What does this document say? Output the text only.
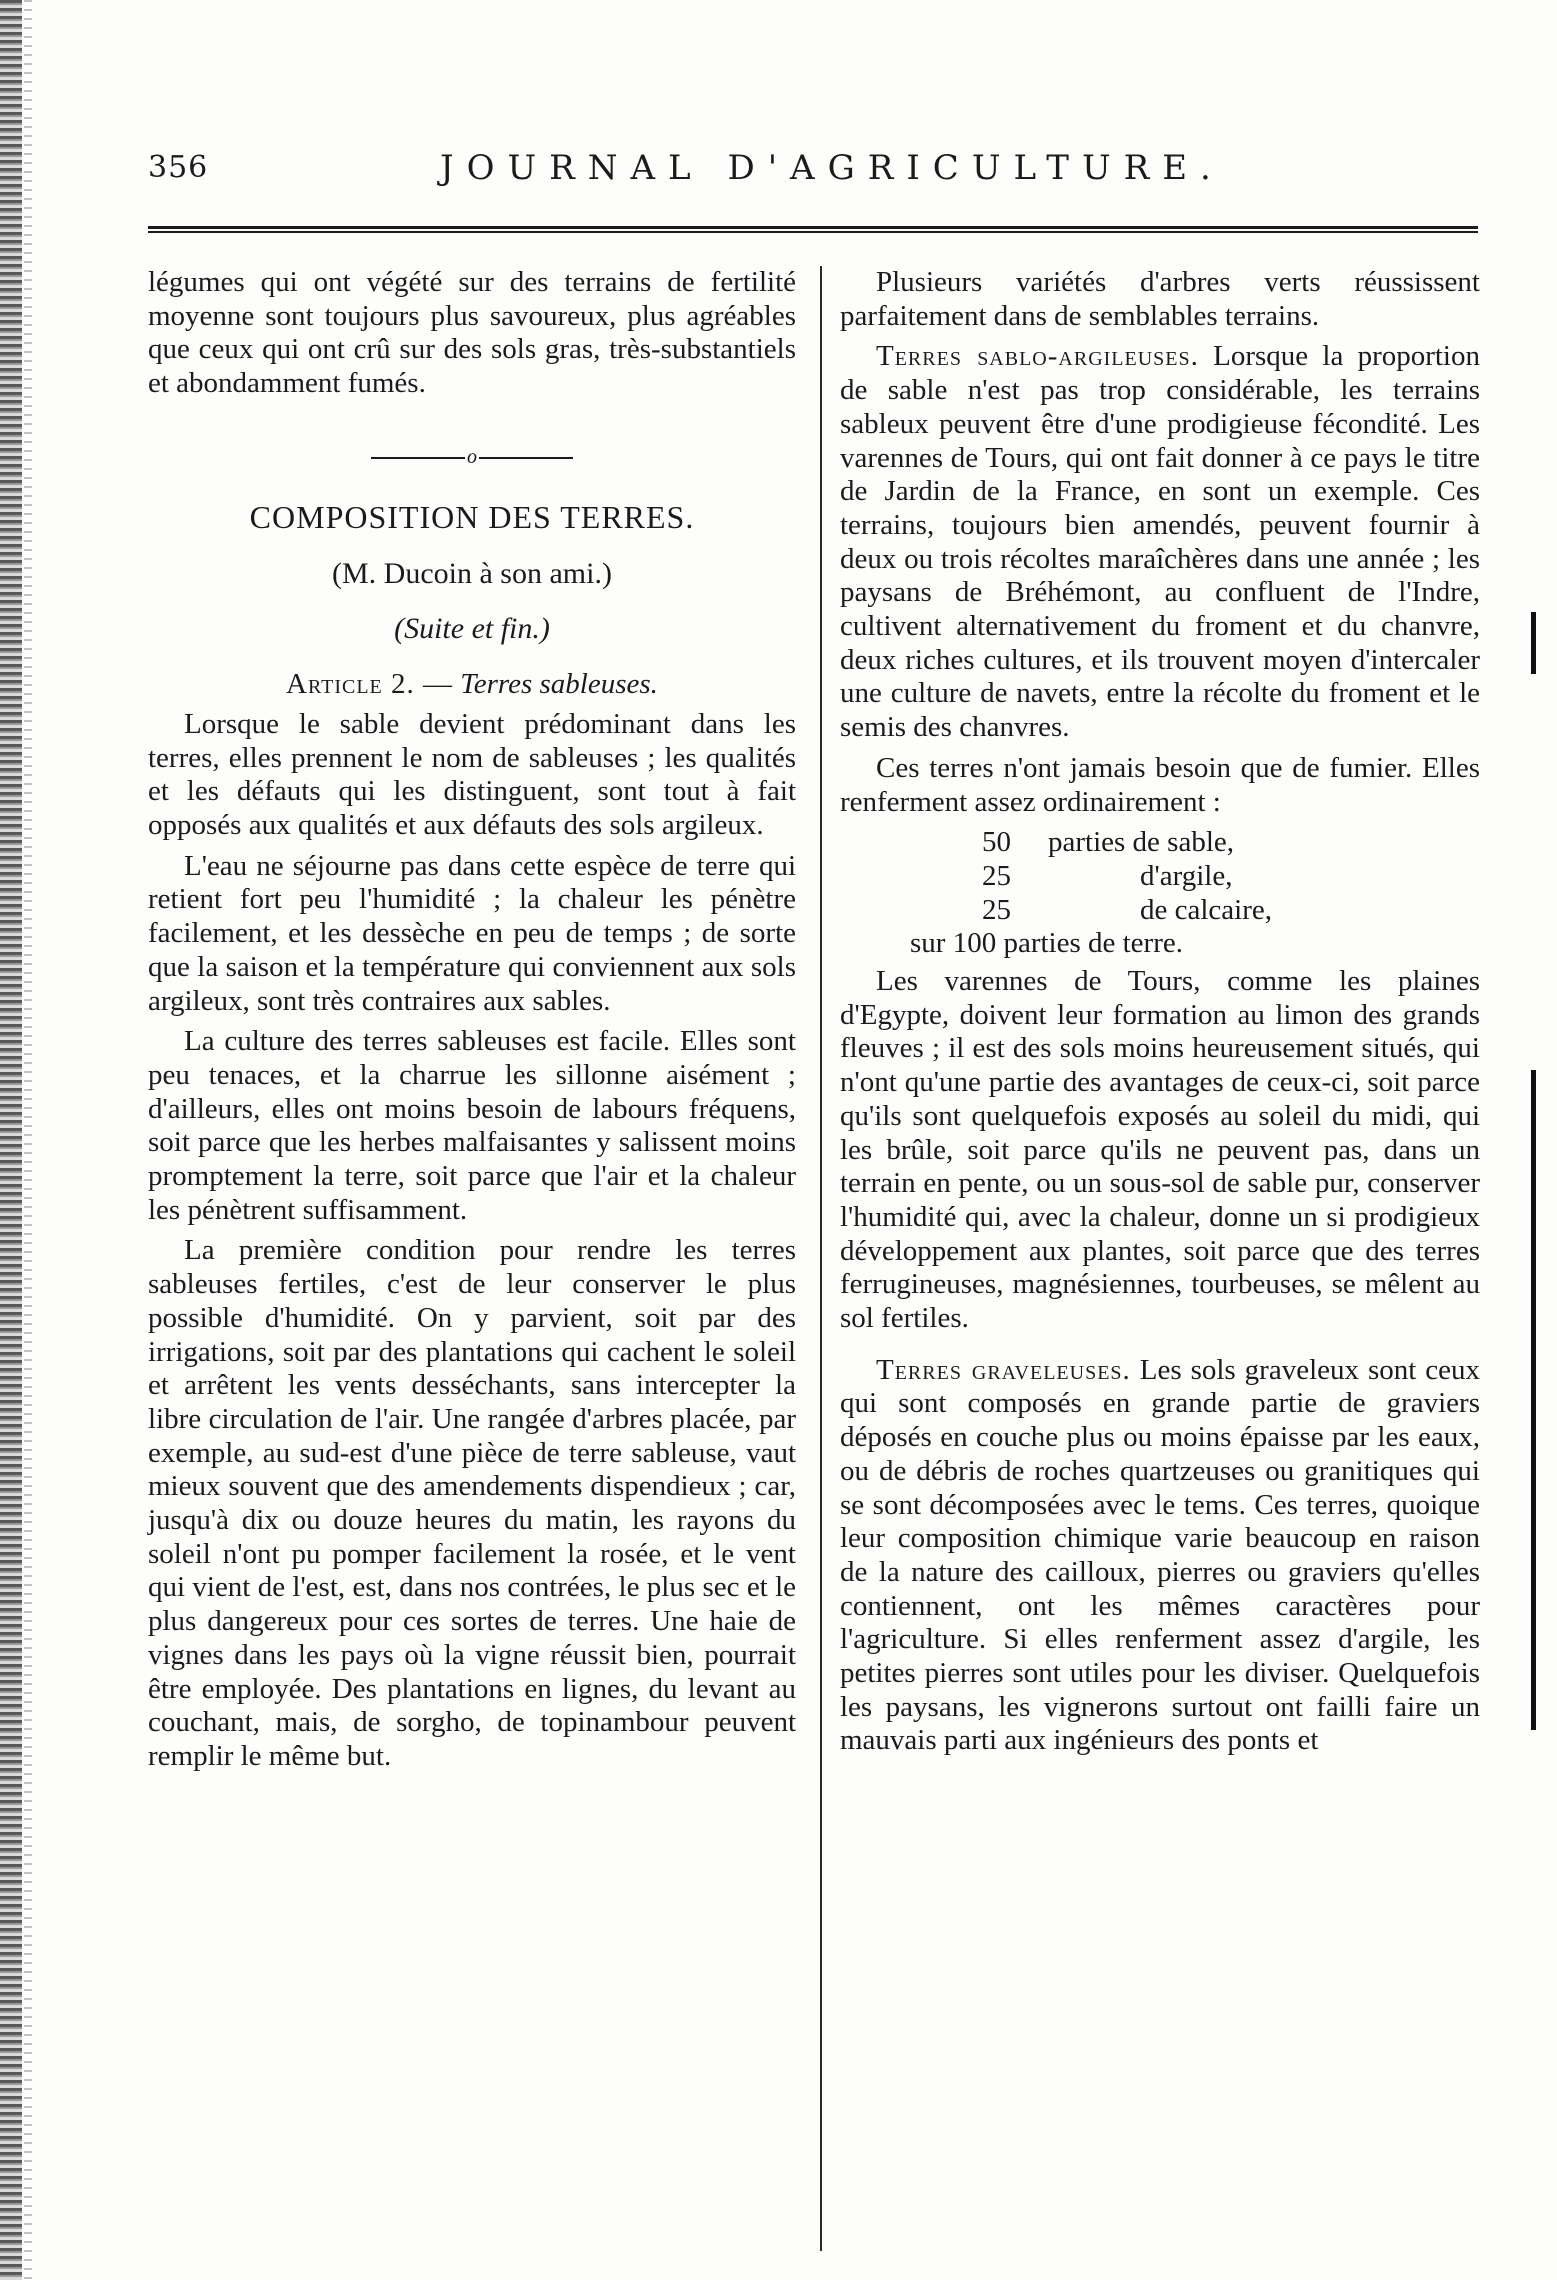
356	JOURNAL D'AGRICULTURE.

légumes qui ont végété sur des terrains de fertilité moyenne sont toujours plus savoureux, plus agréables que ceux qui ont crû sur des sols gras, très-substantiels et abondamment fumés.

o
COMPOSITION DES TERRES.
(M. Ducoin à son ami.)
(Suite et fin.)
Article 2. — Terres sableuses.

Lorsque le sable devient prédominant dans les terres, elles prennent le nom de sableuses ; les qualités et les défauts qui les distinguent, sont tout à fait opposés aux qualités et aux défauts des sols argileux.

L'eau ne séjourne pas dans cette espèce de terre qui retient fort peu l'humidité ; la chaleur les pénètre facilement, et les dessèche en peu de temps ; de sorte que la saison et la température qui conviennent aux sols argileux, sont très contraires aux sables.

La culture des terres sableuses est facile. Elles sont peu tenaces, et la charrue les sillonne aisément ; d'ailleurs, elles ont moins besoin de labours fréquens, soit parce que les herbes malfaisantes y salissent moins promptement la terre, soit parce que l'air et la chaleur les pénètrent suffisamment.

La première condition pour rendre les terres sableuses fertiles, c'est de leur conserver le plus possible d'humidité. On y parvient, soit par des irrigations, soit par des plantations qui cachent le soleil et arrêtent les vents desséchants, sans intercepter la libre circulation de l'air. Une rangée d'arbres placée, par exemple, au sud-est d'une pièce de terre sableuse, vaut mieux souvent que des amendements dispendieux ; car, jusqu'à dix ou douze heures du matin, les rayons du soleil n'ont pu pomper facilement la rosée, et le vent qui vient de l'est, est, dans nos contrées, le plus sec et le plus dangereux pour ces sortes de terres. Une haie de vignes dans les pays où la vigne réussit bien, pourrait être employée. Des plantations en lignes, du levant au couchant, mais, de sorgho, de topinambour peuvent remplir le même but.

Plusieurs variétés d'arbres verts réussissent parfaitement dans de semblables terrains.

Terres sablo-argileuses. Lorsque la proportion de sable n'est pas trop considérable, les terrains sableux peuvent être d'une prodigieuse fécondité. Les varennes de Tours, qui ont fait donner à ce pays le titre de Jardin de la France, en sont un exemple. Ces terrains, toujours bien amendés, peuvent fournir à deux ou trois récoltes maraîchères dans une année ; les paysans de Bréhémont, au confluent de l'Indre, cultivent alternativement du froment et du chanvre, deux riches cultures, et ils trouvent moyen d'intercaler une culture de navets, entre la récolte du froment et le semis des chanvres.

Ces terres n'ont jamais besoin que de fumier. Elles renferment assez ordinairement :

50 parties de sable,
25	d'argile,
25	de calcaire,
sur 100 parties de terre.

Les varennes de Tours, comme les plaines d'Egypte, doivent leur formation au limon des grands fleuves ; il est des sols moins heureusement situés, qui n'ont qu'une partie des avantages de ceux-ci, soit parce qu'ils sont quelquefois exposés au soleil du midi, qui les brûle, soit parce qu'ils ne peuvent pas, dans un terrain en pente, ou un sous-sol de sable pur, conserver l'humidité qui, avec la chaleur, donne un si prodigieux développement aux plantes, soit parce que des terres ferrugineuses, magnésiennes, tourbeuses, se mêlent au sol fertiles.

Terres graveleuses. Les sols graveleux sont ceux qui sont composés en grande partie de graviers déposés en couche plus ou moins épaisse par les eaux, ou de débris de roches quartzeuses ou granitiques qui se sont décomposées avec le tems. Ces terres, quoique leur composition chimique varie beaucoup en raison de la nature des cailloux, pierres ou graviers qu'elles contiennent, ont les mêmes caractères pour l'agriculture. Si elles renferment assez d'argile, les petites pierres sont utiles pour les diviser. Quelquefois les paysans, les vignerons surtout ont failli faire un mauvais parti aux ingénieurs des ponts et
